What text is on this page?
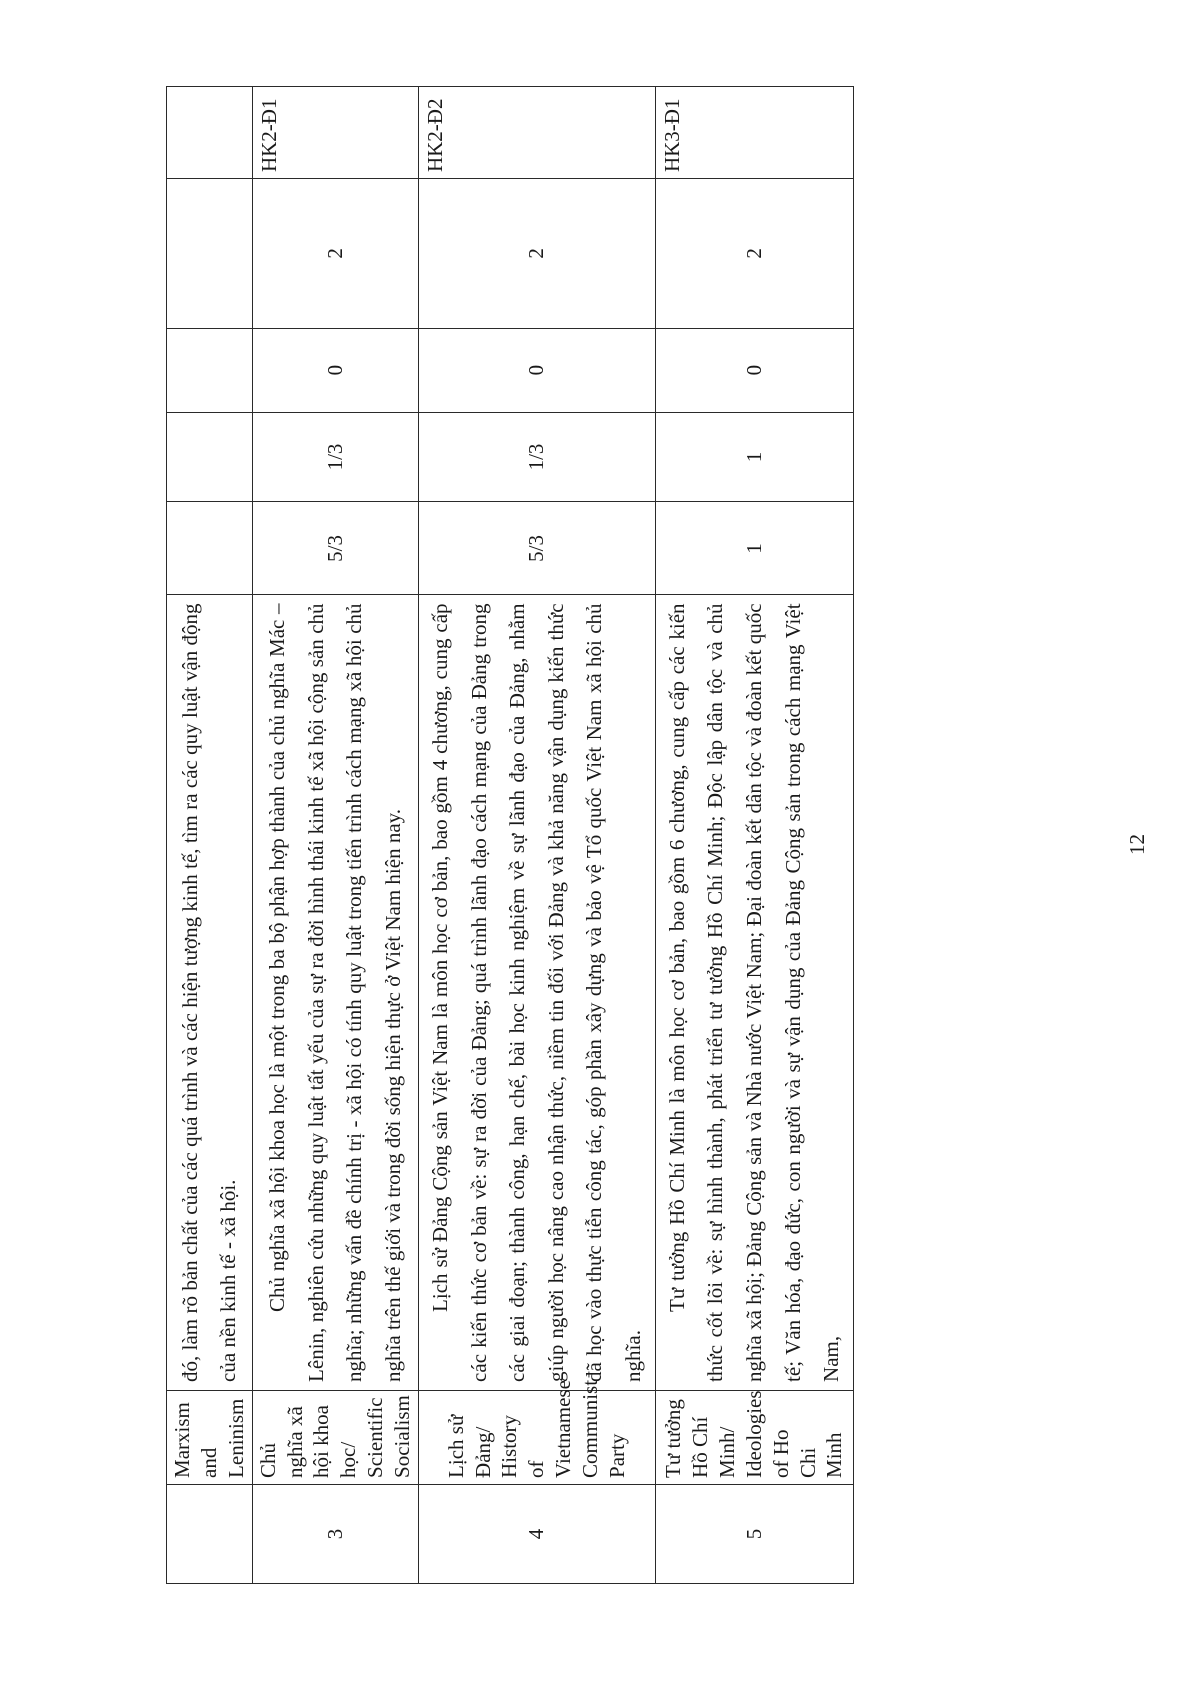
	Marxism and Leninism	đó, làm rõ bản chất của các quá trình và các hiện tượng kinh tế, tìm ra các quy luật vận động của nền kinh tế - xã hội.					
3	Chủ nghĩa xã hội khoa học/ Scientific Socialism	Chủ nghĩa xã hội khoa học là một trong ba bộ phận hợp thành của chủ nghĩa Mác – Lênin, nghiên cứu những quy luật tất yếu của sự ra đời hình thái kinh tế xã hội cộng sản chủ nghĩa; những vấn đề chính trị - xã hội có tính quy luật trong tiến trình cách mạng xã hội chủ nghĩa trên thế giới và trong đời sống hiện thực ở Việt Nam hiện nay.	5/3	1/3	0	2	HK2-Đ1
4	Lịch sử Đảng/ History of Vietnamese Communist Party	Lịch sử Đảng Cộng sản Việt Nam là môn học cơ bản, bao gồm 4 chương, cung cấp các kiến thức cơ bản về: sự ra đời của Đảng; quá trình lãnh đạo cách mạng của Đảng trong các giai đoạn; thành công, hạn chế, bài học kinh nghiệm về sự lãnh đạo của Đảng, nhằm giúp người học nâng cao nhận thức, niềm tin đối với Đảng và khả năng vận dụng kiến thức đã học vào thực tiễn công tác, góp phần xây dựng và bảo vệ Tổ quốc Việt Nam xã hội chủ nghĩa.	5/3	1/3	0	2	HK2-Đ2
5	Tư tưởng Hồ Chí Minh/ Ideologies of Ho Chi Minh	Tư tưởng Hồ Chí Minh là môn học cơ bản, bao gồm 6 chương, cung cấp các kiến thức cốt lõi về: sự hình thành, phát triển tư tưởng Hồ Chí Minh; Độc lập dân tộc và chủ nghĩa xã hội; Đảng Cộng sản và Nhà nước Việt Nam; Đại đoàn kết dân tộc và đoàn kết quốc tế; Văn hóa, đạo đức, con người và sự vận dụng của Đảng Cộng sản trong cách mạng Việt Nam,	1	1	0	2	HK3-Đ1
12
